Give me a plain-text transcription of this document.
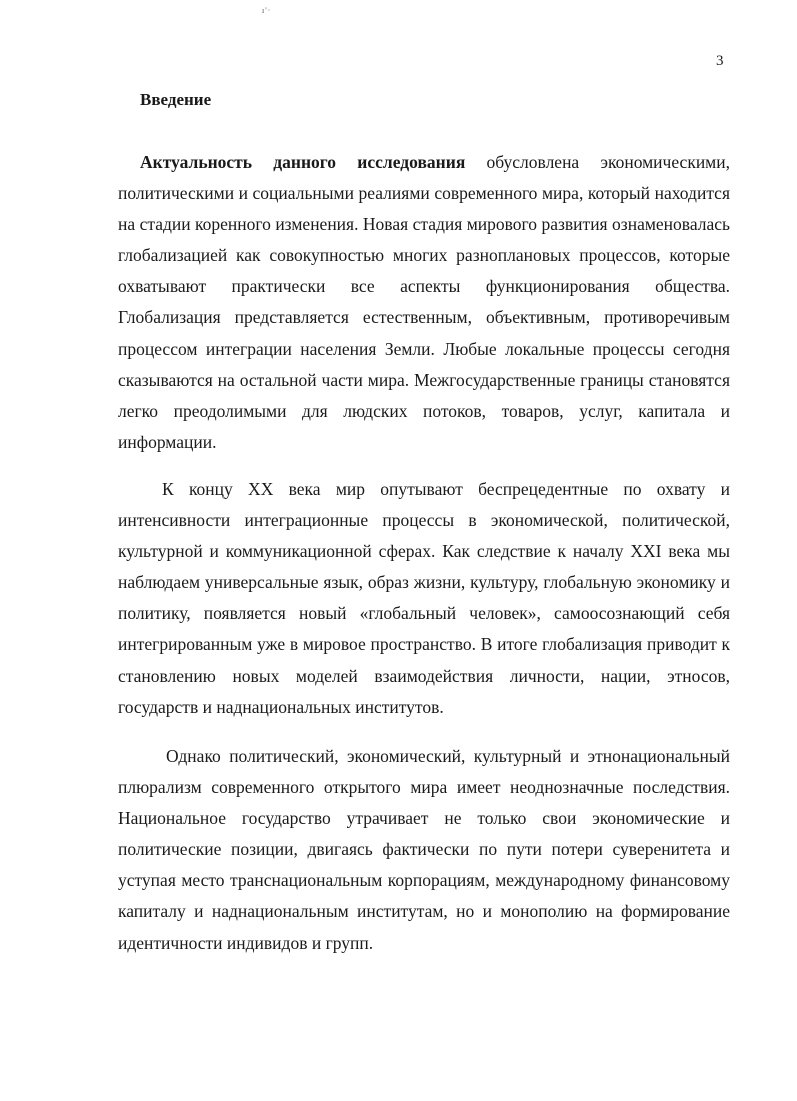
ı'·
3
Введение

Актуальность данного исследования обусловлена экономическими, политическими и социальными реалиями современного мира, который находится на стадии коренного изменения. Новая стадия мирового развития ознаменовалась глобализацией как совокупностью многих разноплановых процессов, которые охватывают практически все аспекты функционирования общества. Глобализация представляется естественным, объективным, противоречивым процессом интеграции населения Земли. Любые локальные процессы сегодня сказываются на остальной части мира. Межгосударственные границы становятся легко преодолимыми для людских потоков, товаров, услуг, капитала и информации.

К концу XX века мир опутывают беспрецедентные по охвату и интенсивности интеграционные процессы в экономической, политической, культурной и коммуникационной сферах. Как следствие к началу XXI века мы наблюдаем универсальные язык, образ жизни, культуру, глобальную экономику и политику, появляется новый «глобальный человек», самоосознающий себя интегрированным уже в мировое пространство. В итоге глобализация приводит к становлению новых моделей взаимодействия личности, нации, этносов, государств и наднациональных институтов.

Однако политический, экономический, культурный и этнонациональный плюрализм современного открытого мира имеет неоднозначные последствия. Национальное государство утрачивает не только свои экономические и политические позиции, двигаясь фактически по пути потери суверенитета и уступая место транснациональным корпорациям, международному финансовому капиталу и наднациональным институтам, но и монополию на формирование идентичности индивидов и групп.
